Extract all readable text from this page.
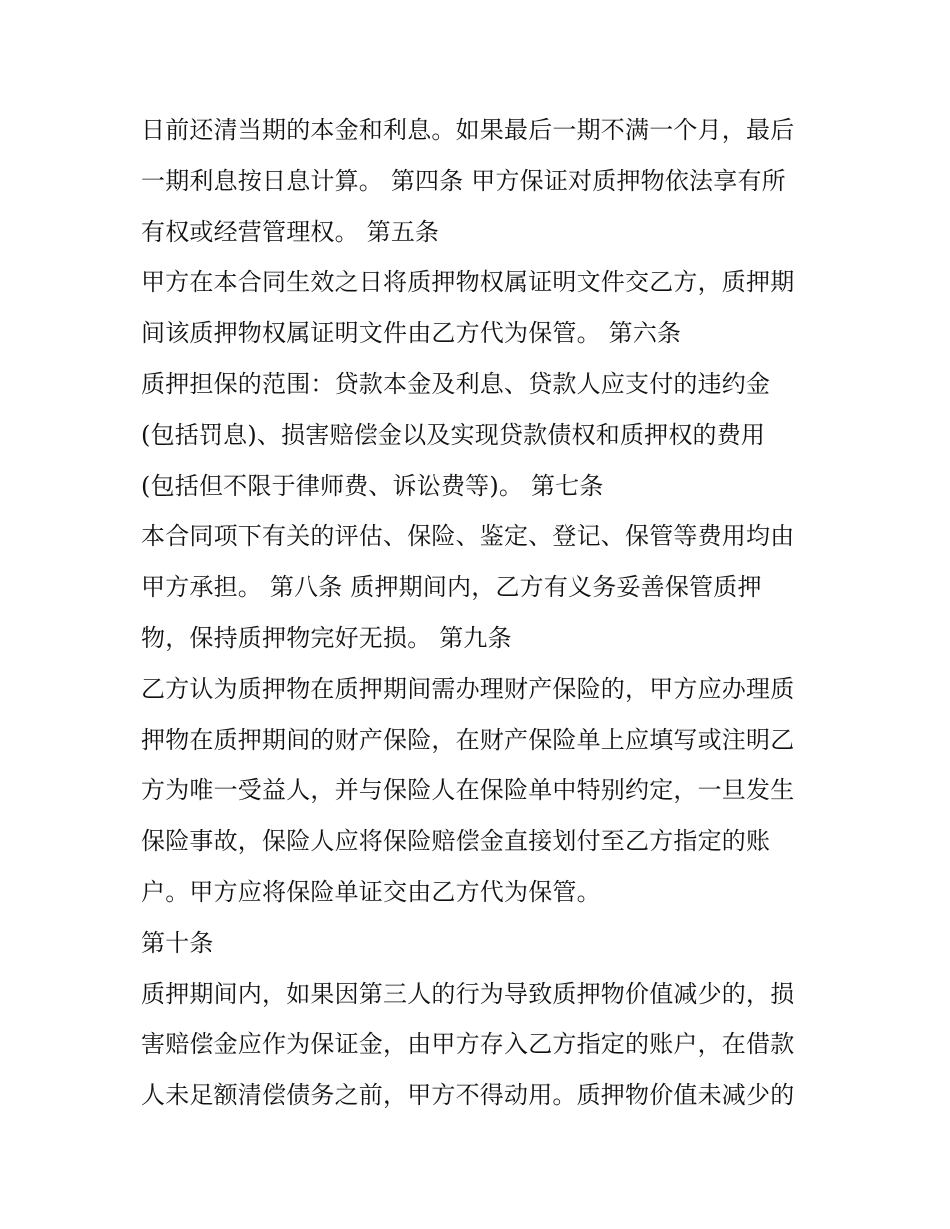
日前还清当期的本金和利息。如果最后一期不满一个月，最后
一期利息按日息计算。 第四条 甲方保证对质押物依法享有所
有权或经营管理权。 第五条
甲方在本合同生效之日将质押物权属证明文件交乙方，质押期
间该质押物权属证明文件由乙方代为保管。 第六条
质押担保的范围：贷款本金及利息、贷款人应支付的违约金
(包括罚息)、损害赔偿金以及实现贷款债权和质押权的费用
(包括但不限于律师费、诉讼费等)。 第七条
本合同项下有关的评估、保险、鉴定、登记、保管等费用均由
甲方承担。 第八条 质押期间内，乙方有义务妥善保管质押
物，保持质押物完好无损。 第九条
乙方认为质押物在质押期间需办理财产保险的，甲方应办理质
押物在质押期间的财产保险，在财产保险单上应填写或注明乙
方为唯一受益人，并与保险人在保险单中特别约定，一旦发生
保险事故，保险人应将保险赔偿金直接划付至乙方指定的账
户。甲方应将保险单证交由乙方代为保管。
第十条
质押期间内，如果因第三人的行为导致质押物价值减少的，损
害赔偿金应作为保证金，由甲方存入乙方指定的账户，在借款
人未足额清偿债务之前，甲方不得动用。质押物价值未减少的
